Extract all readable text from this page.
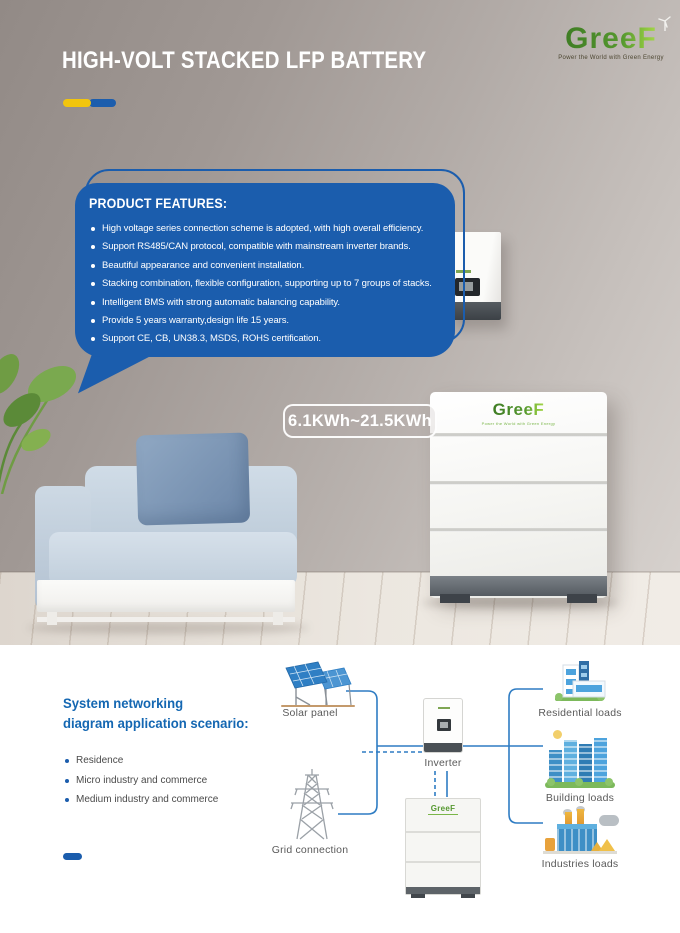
GreeF
Power the World with Green Energy
PRODUCT FEATURES:
High voltage series connection scheme is adopted, with high overall efficiency.
Support RS485/CAN protocol, compatible with mainstream inverter brands.
Beautiful appearance and convenient installation.
Stacking combination, flexible configuration, supporting up to 7 groups of stacks.
Intelligent BMS with strong automatic balancing capability.
Provide 5 years warranty,design life 15 years.
Support CE, CB, UN38.3, MSDS, ROHS certification.
HIGH-VOLT STACKED LFP BATTERY
GreeF
Power the World with Green Energy
6.1KWh~21.5KWh
System networking
diagram application scenario:
Residence
Micro industry and commerce
Medium industry and commerce
Solar panel
Grid connection
Inverter
GreeF
Residential loads
Building loads
Industries loads
